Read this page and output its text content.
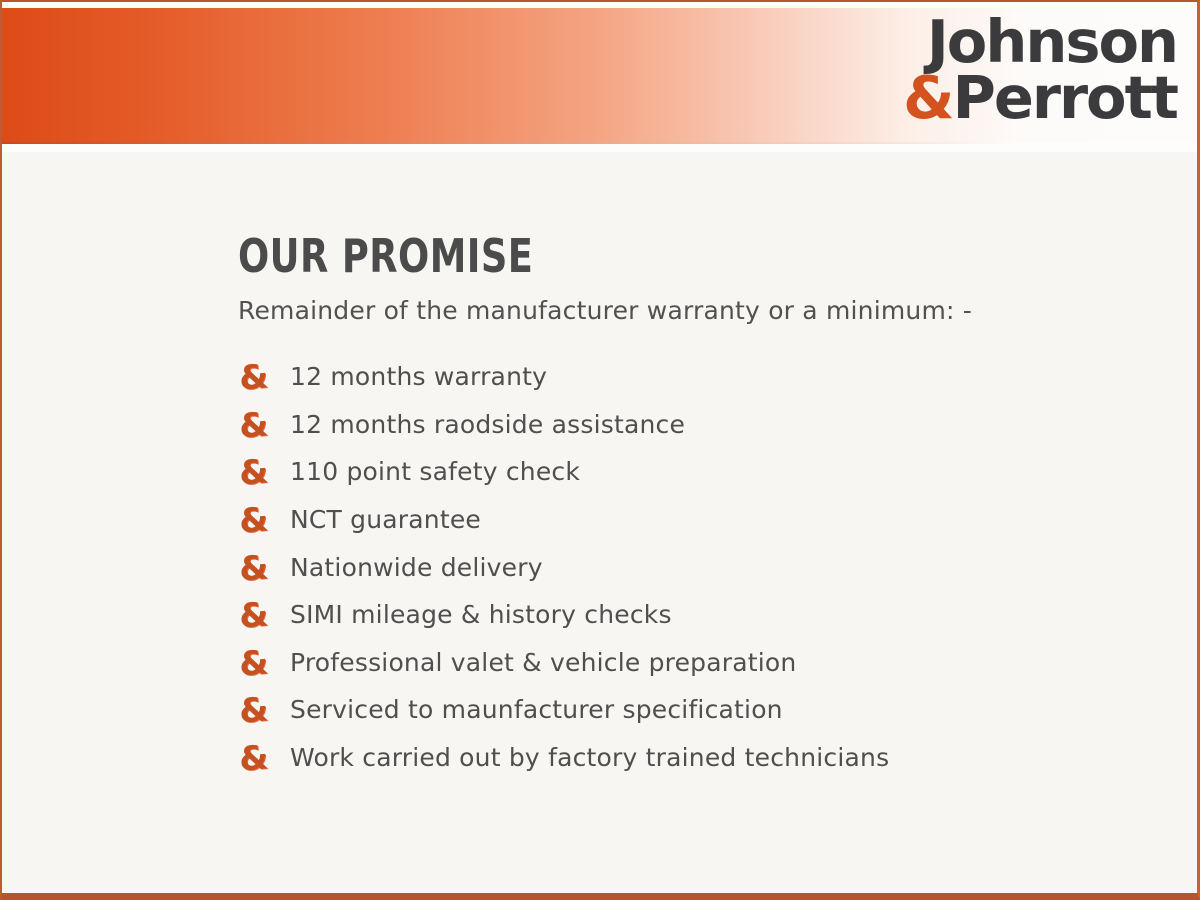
Johnson
&Perrott
OUR PROMISE
Remainder of the manufacturer warranty or a minimum: -
& 12 months warranty
& 12 months raodside assistance
& 110 point safety check
& NCT guarantee
& Nationwide delivery
& SIMI mileage & history checks
& Professional valet & vehicle preparation
& Serviced to maunfacturer specification
& Work carried out by factory trained technicians
